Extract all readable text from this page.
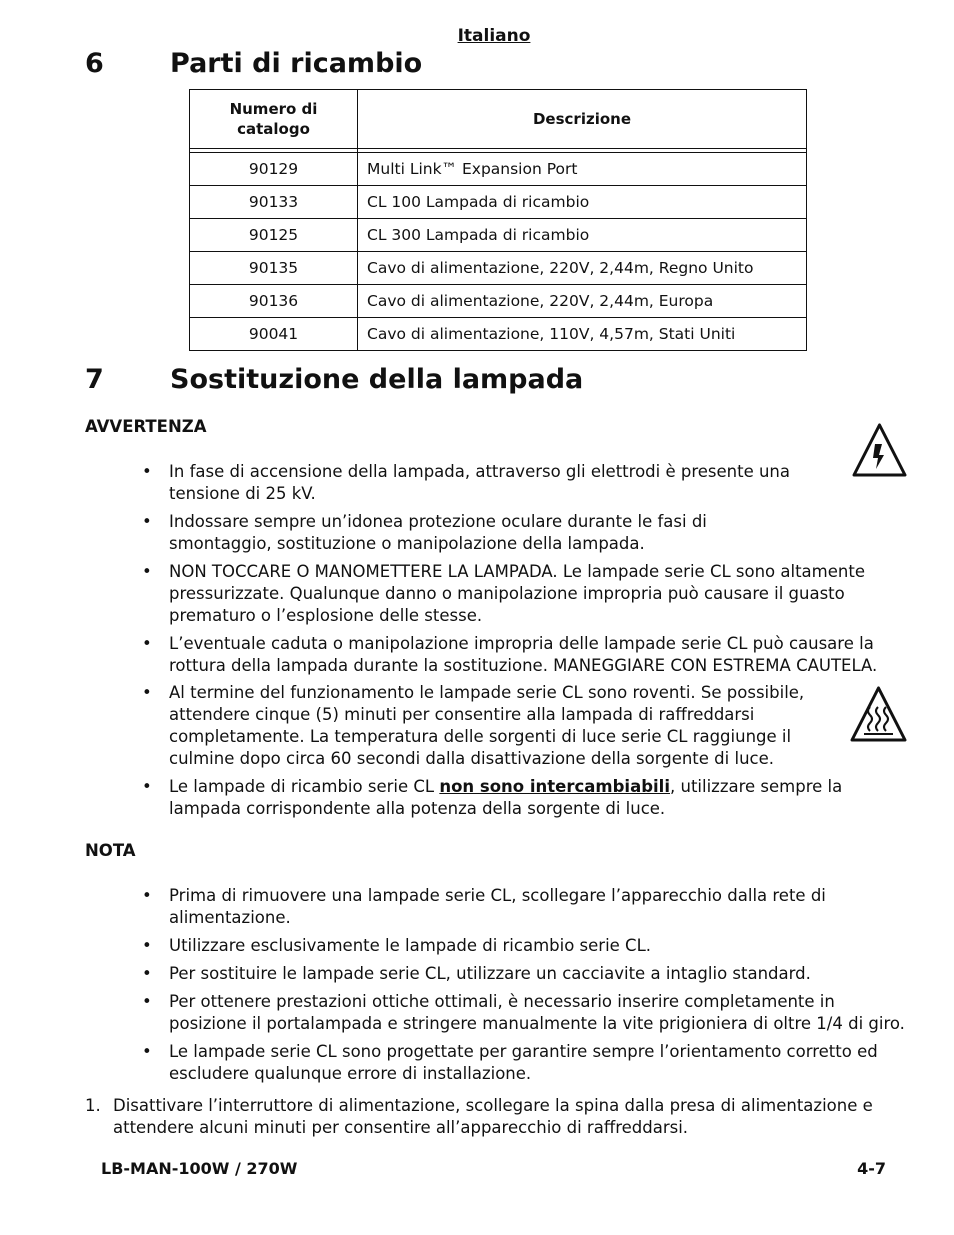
Italiano
6 Parti di ricambio
Numero di catalogo	Descrizione

90129	Multi Link™ Expansion Port
90133	CL 100 Lampada di ricambio
90125	CL 300 Lampada di ricambio
90135	Cavo di alimentazione, 220V, 2,44m, Regno Unito
90136	Cavo di alimentazione, 220V, 2,44m, Europa
90041	Cavo di alimentazione, 110V, 4,57m, Stati Uniti
7 Sostituzione della lampada
AVVERTENZA
• In fase di accensione della lampada, attraverso gli elettrodi è presente una tensione di 25 kV.
• Indossare sempre un’idonea protezione oculare durante le fasi di smontaggio, sostituzione o manipolazione della lampada.
• NON TOCCARE O MANOMETTERE LA LAMPADA. Le lampade serie CL sono altamente pressurizzate. Qualunque danno o manipolazione impropria può causare il guasto prematuro o l’esplosione delle stesse.
• L’eventuale caduta o manipolazione impropria delle lampade serie CL può causare la rottura della lampada durante la sostituzione. MANEGGIARE CON ESTREMA CAUTELA.
• Al termine del funzionamento le lampade serie CL sono roventi. Se possibile, attendere cinque (5) minuti per consentire alla lampada di raffreddarsi completamente. La temperatura delle sorgenti di luce serie CL raggiunge il culmine dopo circa 60 secondi dalla disattivazione della sorgente di luce.
• Le lampade di ricambio serie CL non sono intercambiabili, utilizzare sempre la lampada corrispondente alla potenza della sorgente di luce.
NOTA
• Prima di rimuovere una lampade serie CL, scollegare l’apparecchio dalla rete di alimentazione.
• Utilizzare esclusivamente le lampade di ricambio serie CL.
• Per sostituire le lampade serie CL, utilizzare un cacciavite a intaglio standard.
• Per ottenere prestazioni ottiche ottimali, è necessario inserire completamente in posizione il portalampada e stringere manualmente la vite prigioniera di oltre 1/4 di giro.
• Le lampade serie CL sono progettate per garantire sempre l’orientamento corretto ed escludere qualunque errore di installazione.
1. Disattivare l’interruttore di alimentazione, scollegare la spina dalla presa di alimentazione e attendere alcuni minuti per consentire all’apparecchio di raffreddarsi.
LB-MAN-100W / 270W	4-7
